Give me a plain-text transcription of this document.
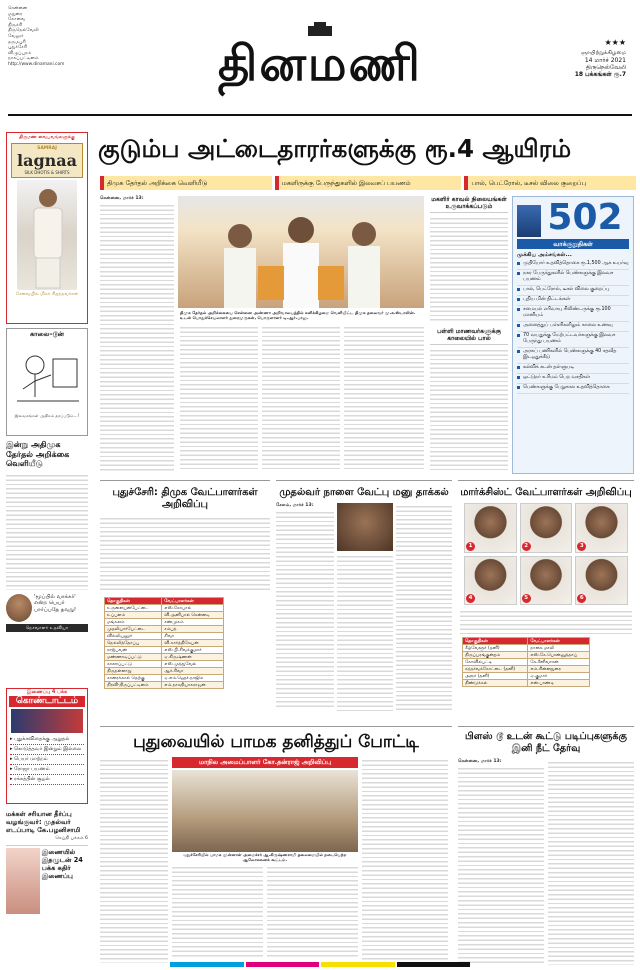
சென்னை
மதுரை
கோவை
திருச்சி
திருநெல்வேலி
வேலூர்
தருமபுரி
புதுச்சேரி
விழுப்புரம்
நாகப்பட்டினம்
http://www.dinamani.com	தினமணி	★★★
ஞாயிற்றுக்கிழமை
14 மார்ச் 2021
திருநெல்வேலி
18 பக்கங்கள் ரூ.7
குடும்ப அட்டைதாரர்களுக்கு ரூ.4 ஆயிரம்
திமுக தேர்தல் அறிக்கை வெளியீடு	மகளிருக்கு பேருந்துகளில் இலவசப் பயணம்	பால், பெட்ரோல், டீசல் விலை குறைப்பு
திருமண வைபவங்களுக்கு
SAMRAJ
lagnaa
SILK DHOTIS & SHIRTS
சேவையில் மிகச் சிறந்தவர்கள்
காலை–டூன்
இலவசங்கள் அதிகம் தரப்படும்...!
இன்று அதிமுக தேர்தல் அறிக்கை வெளியீடு
'மூப்பில் வாக்கர்' என்ற பெயர் பார்ப்பதே தவறு!
நெசவாளர் உதவியா
இணைப்பு 4 பக்க
கொண்டாட்டம்
▸ புதுக்கவிதைக்கு ஆறுதல்
▸ கொடுத்தவர் இன்றும் இல்லை
▸ பெயர் மாற்றம்
▸ ரோஜா பயணம்
▸ ரக்கத்தின் சூழல்
மக்கள் சரியான தீர்ப்பு வழங்குவர்: முதல்வர் எடப்பாடி கே.பழனிசாமி
செய்தி பக்கம் 6
இணையில் இதழுடன் 24 பக்க கதிர் இணைப்பு
சென்னை, மார்ச் 13:
திமுக தேர்தல் அறிக்கையை சென்னை அண்ணா அறிவாலயத்தில் சனிக்கிழமை வெளியிட்ட திமுக தலைவர் மு.க.ஸ்டாலின். உடன் பொதுச்செயலாளர் துரைமுருகன், பொருளாளர் டி.ஆர்.பாலு.
மகளிர் காவல் நிலையங்கள் உருவாக்கப்படும்
பள்ளி மாணவர்களுக்கு காலையில் பால்
502
வாக்குறுதிகள்
முக்கிய அம்சங்கள்...
முதியோர் உதவித்தொகை ரூ.1,500 ஆக உயர்வு
நகர பேருந்துகளில் பெண்களுக்கு இலவச பயணம்
பால், பெட்ரோல், டீசல் விலை குறைப்பு
புதிய மின் திட்டங்கள்
சமையல் எரிவாயு சிலிண்டருக்கு ரூ.100 மானியம்
அனைத்துப் பள்ளிகளிலும் காலை உணவு
70 வயதுக்கு மேற்பட்டவர்களுக்கு இலவச பேருந்து பயணம்
அரசுப் பணிகளில் பெண்களுக்கு 40 சதவீத இடஒதுக்கீடு
கல்விக் கடன் தள்ளுபடி
ஒட்டுநர் உரிமம் பெற வசதிகள்
பெண்களுக்கு பேறுகால உதவித்தொகை
புதுச்சேரி: திமுக வேட்பாளர்கள் அறிவிப்பு
தொகுதிகள்	வேட்பாளர்கள்
உருளையன்பேட்டை	எஸ்.கோபால்
உப்பளம்	வி.அனிபால் கென்னடி
மங்கலம்	சண்முகம்
முதலியார்பேட்டை	சம்பத்
வில்லியனூர்	சிவா
நெல்லித்தோப்பு	வி.கார்த்திகேயன்
ராஜ்பவன்	எஸ்.பி.சிவக்குமார்
மண்ணாடிப்பட்டு	ஏ.கிருஷ்ணன்
காலாப்பட்டு	எஸ்.முத்துவேல்
திருநள்ளாறு	ஆர்.சிவா
காரைக்கால் தெற்கு	ஏ.எம்.ஹெச்.நாஜிம்
நிரவி-திருப்பட்டினம்	எம்.நாகதியாகராஜன்
முதல்வர் நாளை வேட்பு மனு தாக்கல்
சேலம், மார்ச் 13:
மார்க்சிஸ்ட் வேட்பாளர்கள் அறிவிப்பு
1	2	3
4	5	6
தொகுதிகள்	வேட்பாளர்கள்
கீழ்வேளூர் (தனி)	நாகை மாலி
திருப்பரங்குன்றம்	எஸ்.கே.பொன்னுத்தாய்
கோவில்பட்டி	கே.சீனிவாசன்
கந்தர்வக்கோட்டை (தனி)	எம்.சின்னதுரை
அரூர் (தனி)	ஏ.குமார்
திண்டுக்கல்	என்.பாண்டி
புதுவையில் பாமக தனித்துப் போட்டி
மாநில அமைப்பாளர் கோ.தன்ராஜ் அறிவிப்பு
புதுச்சேரியில் பாமக முன்னாள் அமைச்சர் ஆ.கிருஷ்ணசாமி தலைமையில் நடைபெற்ற ஆலோசனைக் கூட்டம்.
பிளஸ் டூ உடன் கூட்டு படிப்புகளுக்கு இனி நீட் தேர்வு
சென்னை, மார்ச் 13:
